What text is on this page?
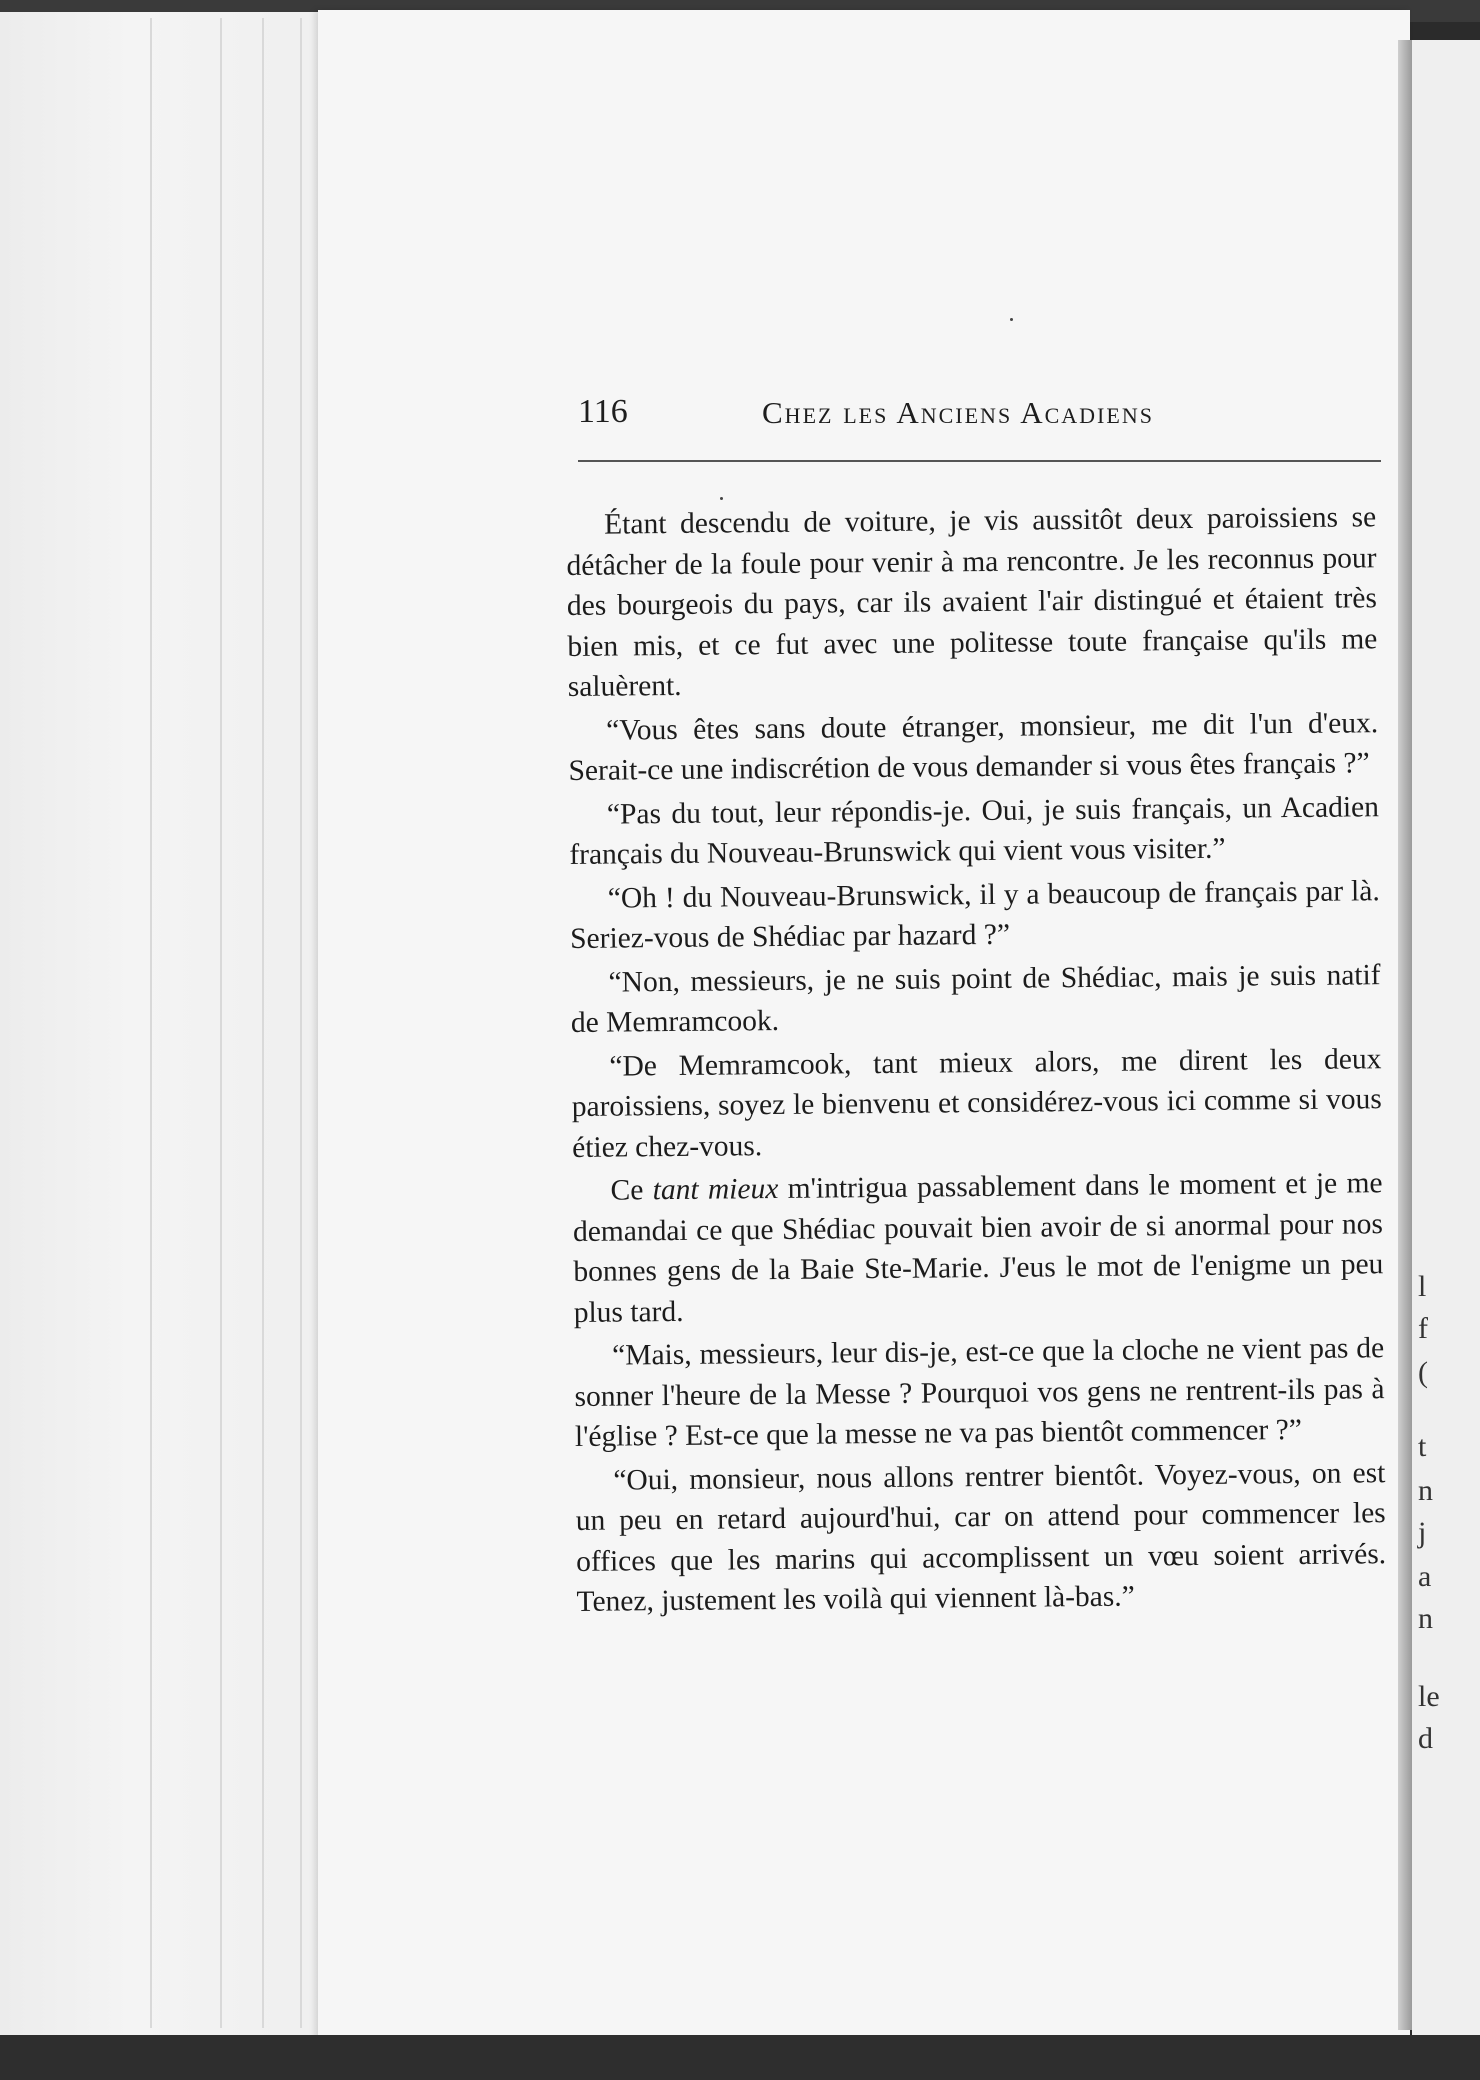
l
f
(
t
n
j
a
n
le
d
116	Chez les Anciens Acadiens

Étant descendu de voiture, je vis aussitôt deux paroissiens se détâcher de la foule pour venir à ma rencontre. Je les reconnus pour des bourgeois du pays, car ils avaient l'air distingué et étaient très bien mis, et ce fut avec une politesse toute française qu'ils me saluèrent.

“Vous êtes sans doute étranger, monsieur, me dit l'un d'eux. Serait-ce une indiscrétion de vous demander si vous êtes français ?”

“Pas du tout, leur répondis-je. Oui, je suis français, un Acadien français du Nouveau-Brunswick qui vient vous visiter.”

“Oh ! du Nouveau-Brunswick, il y a beaucoup de français par là. Seriez-vous de Shédiac par hazard ?”

“Non, messieurs, je ne suis point de Shédiac, mais je suis natif de Memramcook.

“De Memramcook, tant mieux alors, me dirent les deux paroissiens, soyez le bienvenu et considérez-vous ici comme si vous étiez chez-vous.

Ce tant mieux m'intrigua passablement dans le moment et je me demandai ce que Shédiac pouvait bien avoir de si anormal pour nos bonnes gens de la Baie Ste-Marie. J'eus le mot de l'enigme un peu plus tard.

“Mais, messieurs, leur dis-je, est-ce que la cloche ne vient pas de sonner l'heure de la Messe ? Pourquoi vos gens ne rentrent-ils pas à l'église ? Est-ce que la messe ne va pas bientôt commencer ?”

“Oui, monsieur, nous allons rentrer bientôt. Voyez-vous, on est un peu en retard aujourd'hui, car on attend pour commencer les offices que les marins qui accomplissent un vœu soient arrivés. Tenez, justement les voilà qui viennent là-bas.”
